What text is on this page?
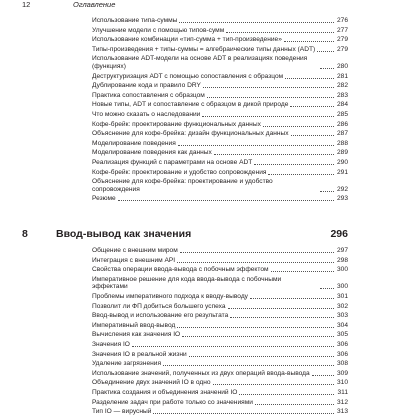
12	Оглавление
Использование типа-суммы	276
Улучшение модели с помощью типов-сумм	277
Использование комбинации «тип-сумма + тип-произведение»	279
Типы-произведения + типы-суммы = алгебраические типы данных (ADT)	279
Использование ADT-модели на основе ADT в реализациях поведения (функциях)	280
Деструктуризация ADT с помощью сопоставления с образцом	281
Дублирование кода и правило DRY	282
Практика сопоставления с образцом	283
Новые типы, ADT и сопоставление с образцом в дикой природе	284
Что можно сказать о наследовании	285
Кофе-брейк: проектирование функциональных данных	286
Объяснение для кофе-брейка: дизайн функциональных данных	287
Моделирование поведения	288
Моделирование поведения как данных	289
Реализация функций с параметрами на основе ADT	290
Кофе-брейк: проектирование и удобство сопровождения	291
Объяснение для кофе-брейка: проектирование и удобство сопровождения	292
Резюме	293
8	Ввод-вывод как значения	296
Общение с внешним миром	297
Интеграция с внешним API	298
Свойства операции ввода-вывода с побочным эффектом	300
Императивное решение для кода ввода-вывода с побочными эффектами	300
Проблемы императивного подхода к вводу-выводу	301
Позволит ли ФП добиться большего успеха	302
Ввод-вывод и использование его результата	303
Императивный ввод-вывод	304
Вычисления как значения IO	305
Значения IO	306
Значения IO в реальной жизни	306
Удаление загрязнения	308
Использование значений, полученных из двух операций ввода-вывода	309
Объединение двух значений IO в одно	310
Практика создания и объединения значений IO	311
Разделение задач при работе только со значениями	312
Тип IO — вирусный	313
